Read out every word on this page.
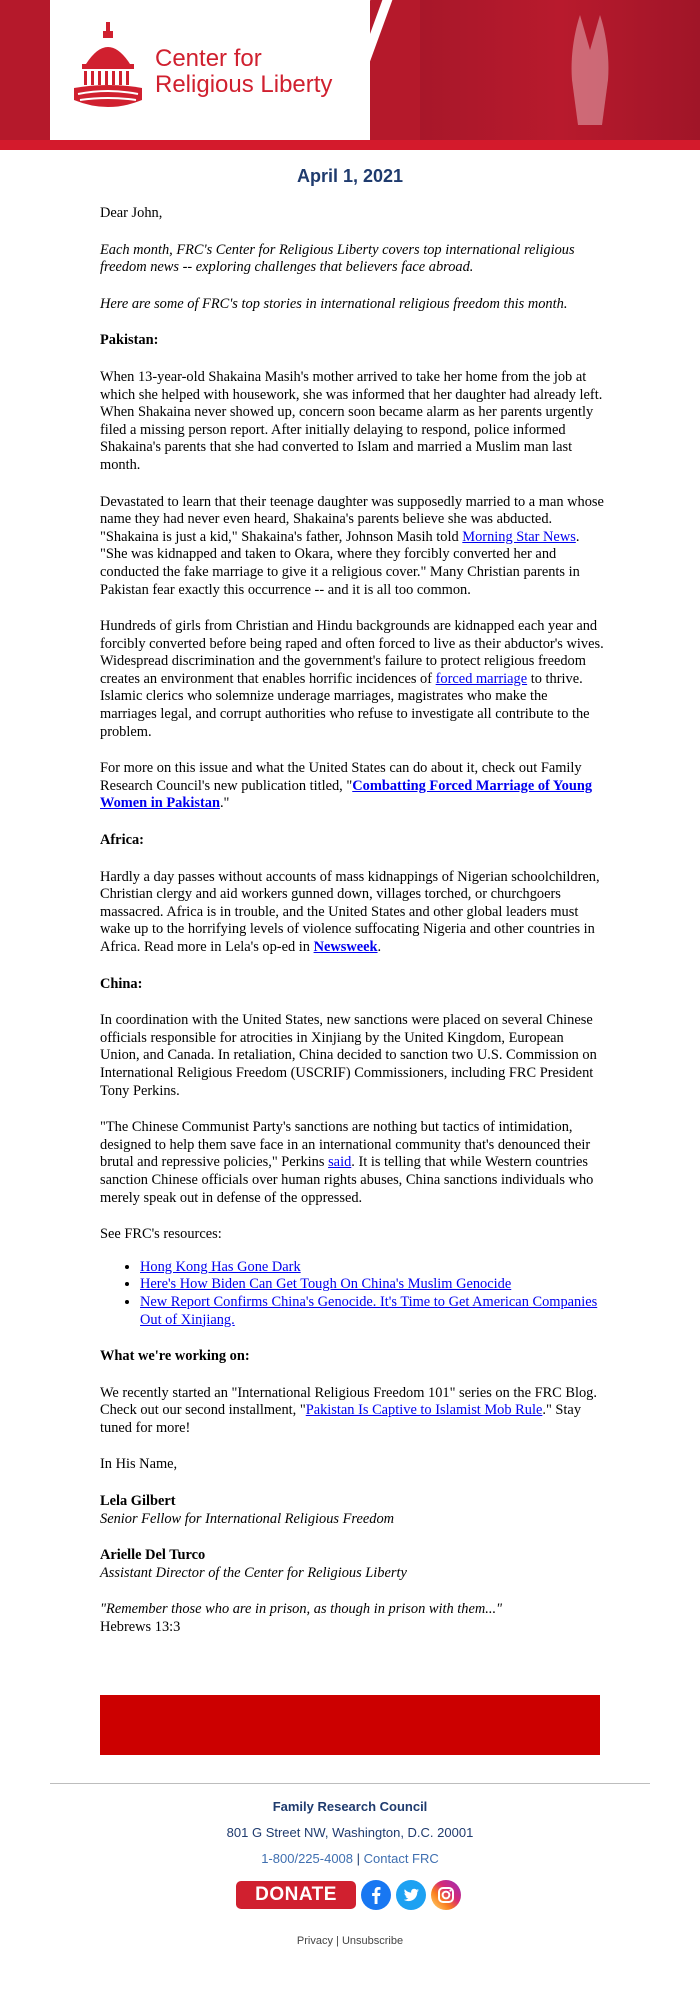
Center for
Religious Liberty
April 1, 2021

Dear John,

Each month, FRC's Center for Religious Liberty covers top international religious freedom news -- exploring challenges that believers face abroad.

Here are some of FRC's top stories in international religious freedom this month.

Pakistan:

When 13-year-old Shakaina Masih's mother arrived to take her home from the job at which she helped with housework, she was informed that her daughter had already left. When Shakaina never showed up, concern soon became alarm as her parents urgently filed a missing person report. After initially delaying to respond, police informed Shakaina's parents that she had converted to Islam and married a Muslim man last month.

Devastated to learn that their teenage daughter was supposedly married to a man whose name they had never even heard, Shakaina's parents believe she was abducted. "Shakaina is just a kid," Shakaina's father, Johnson Masih told Morning Star News. "She was kidnapped and taken to Okara, where they forcibly converted her and conducted the fake marriage to give it a religious cover." Many Christian parents in Pakistan fear exactly this occurrence -- and it is all too common.

Hundreds of girls from Christian and Hindu backgrounds are kidnapped each year and forcibly converted before being raped and often forced to live as their abductor's wives. Widespread discrimination and the government's failure to protect religious freedom creates an environment that enables horrific incidences of forced marriage to thrive. Islamic clerics who solemnize underage marriages, magistrates who make the marriages legal, and corrupt authorities who refuse to investigate all contribute to the problem.

For more on this issue and what the United States can do about it, check out Family Research Council's new publication titled, "Combatting Forced Marriage of Young Women in Pakistan."

Africa:

Hardly a day passes without accounts of mass kidnappings of Nigerian schoolchildren, Christian clergy and aid workers gunned down, villages torched, or churchgoers massacred. Africa is in trouble, and the United States and other global leaders must wake up to the horrifying levels of violence suffocating Nigeria and other countries in Africa. Read more in Lela's op-ed in Newsweek.

China:

In coordination with the United States, new sanctions were placed on several Chinese officials responsible for atrocities in Xinjiang by the United Kingdom, European Union, and Canada. In retaliation, China decided to sanction two U.S. Commission on International Religious Freedom (USCRIF) Commissioners, including FRC President Tony Perkins.

"The Chinese Communist Party's sanctions are nothing but tactics of intimidation, designed to help them save face in an international community that's denounced their brutal and repressive policies," Perkins said. It is telling that while Western countries sanction Chinese officials over human rights abuses, China sanctions individuals who merely speak out in defense of the oppressed.

See FRC's resources:

• Hong Kong Has Gone Dark
• Here's How Biden Can Get Tough On China's Muslim Genocide
• New Report Confirms China's Genocide. It's Time to Get American Companies Out of Xinjiang.
What we're working on:

We recently started an "International Religious Freedom 101" series on the FRC Blog. Check out our second installment, "Pakistan Is Captive to Islamist Mob Rule." Stay tuned for more!

In His Name,

Lela Gilbert
Senior Fellow for International Religious Freedom
Arielle Del Turco
Assistant Director of the Center for Religious Liberty
"Remember those who are in prison, as though in prison with them..."
Hebrews 13:3
Family Research Council
801 G Street NW, Washington, D.C. 20001
1-800/225-4008 | Contact FRC
DONATE
Privacy | Unsubscribe
